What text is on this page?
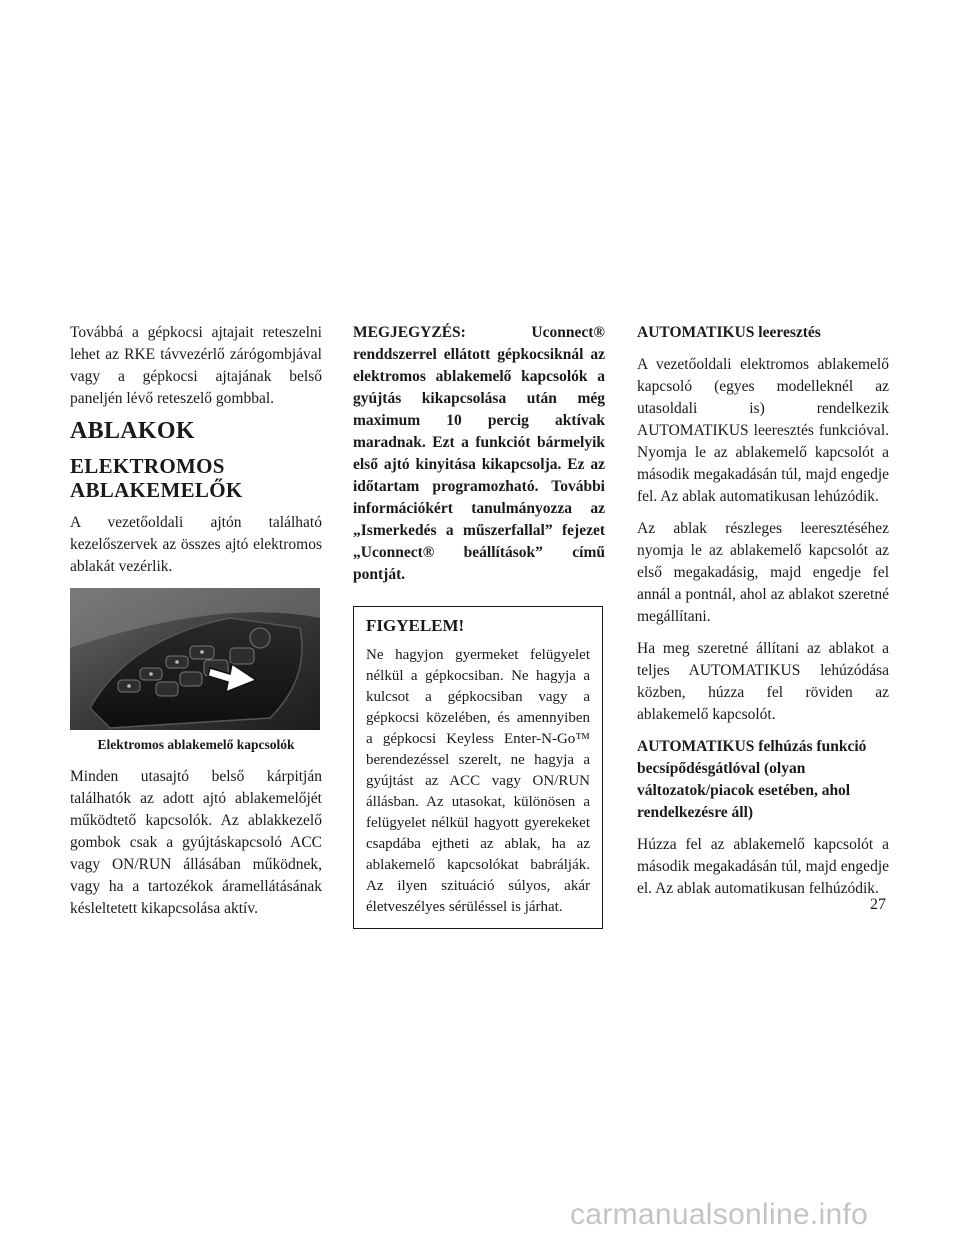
Továbbá a gépkocsi ajtajait reteszelni lehet az RKE távvezérlő zárógombjával vagy a gépkocsi ajtajának belső paneljén lévő reteszelő gombbal.

ABLAKOK
ELEKTROMOS
ABLAKEMELŐK

A vezetőoldali ajtón található kezelőszervek az összes ajtó elektromos ablakát vezérlik.

021935320
Elektromos ablakemelő kapcsolók

Minden utasajtó belső kárpitján találhatók az adott ajtó ablakemelőjét működtető kapcsolók. Az ablakkezelő gombok csak a gyújtáskapcsoló ACC vagy ON/RUN állásában működnek, vagy ha a tartozékok áramellátásának késleltetett kikapcsolása aktív.

MEGJEGYZÉS: Uconnect® renddszerrel ellátott gépkocsiknál az elektromos ablakemelő kapcsolók a gyújtás kikapcsolása után még maximum 10 percig aktívak maradnak. Ezt a funkciót bármelyik első ajtó kinyitása kikapcsolja. Ez az időtartam programozható. További információkért tanulmányozza az „Ismerkedés a műszerfallal” fejezet „Uconnect® beállítások” című pontját.

FIGYELEM!

Ne hagyjon gyermeket felügyelet nélkül a gépkocsiban. Ne hagyja a kulcsot a gépkocsiban vagy a gépkocsi közelében, és amennyiben a gépkocsi Keyless Enter-N-Go™ berendezéssel szerelt, ne hagyja a gyújtást az ACC vagy ON/RUN állásban. Az utasokat, különösen a felügyelet nélkül hagyott gyerekeket csapdába ejtheti az ablak, ha az ablakemelő kapcsolókat babrálják. Az ilyen szituáció súlyos, akár életveszélyes sérüléssel is járhat.

AUTOMATIKUS leeresztés

A vezetőoldali elektromos ablakemelő kapcsoló (egyes modelleknél az utasoldali is) rendelkezik AUTOMATIKUS leeresztés funkcióval. Nyomja le az ablakemelő kapcsolót a második megakadásán túl, majd engedje fel. Az ablak automatikusan lehúzódik.

Az ablak részleges leeresztéséhez nyomja le az ablakemelő kapcsolót az első megakadásig, majd engedje fel annál a pontnál, ahol az ablakot szeretné megállítani.

Ha meg szeretné állítani az ablakot a teljes AUTOMATIKUS lehúzódása közben, húzza fel röviden az ablakemelő kapcsolót.

AUTOMATIKUS felhúzás funkció becsípődésgátlóval (olyan változatok/piacok esetében, ahol rendelkezésre áll)

Húzza fel az ablakemelő kapcsolót a második megakadásán túl, majd engedje el. Az ablak automatikusan felhúzódik.

27
carmanualsonline.info
